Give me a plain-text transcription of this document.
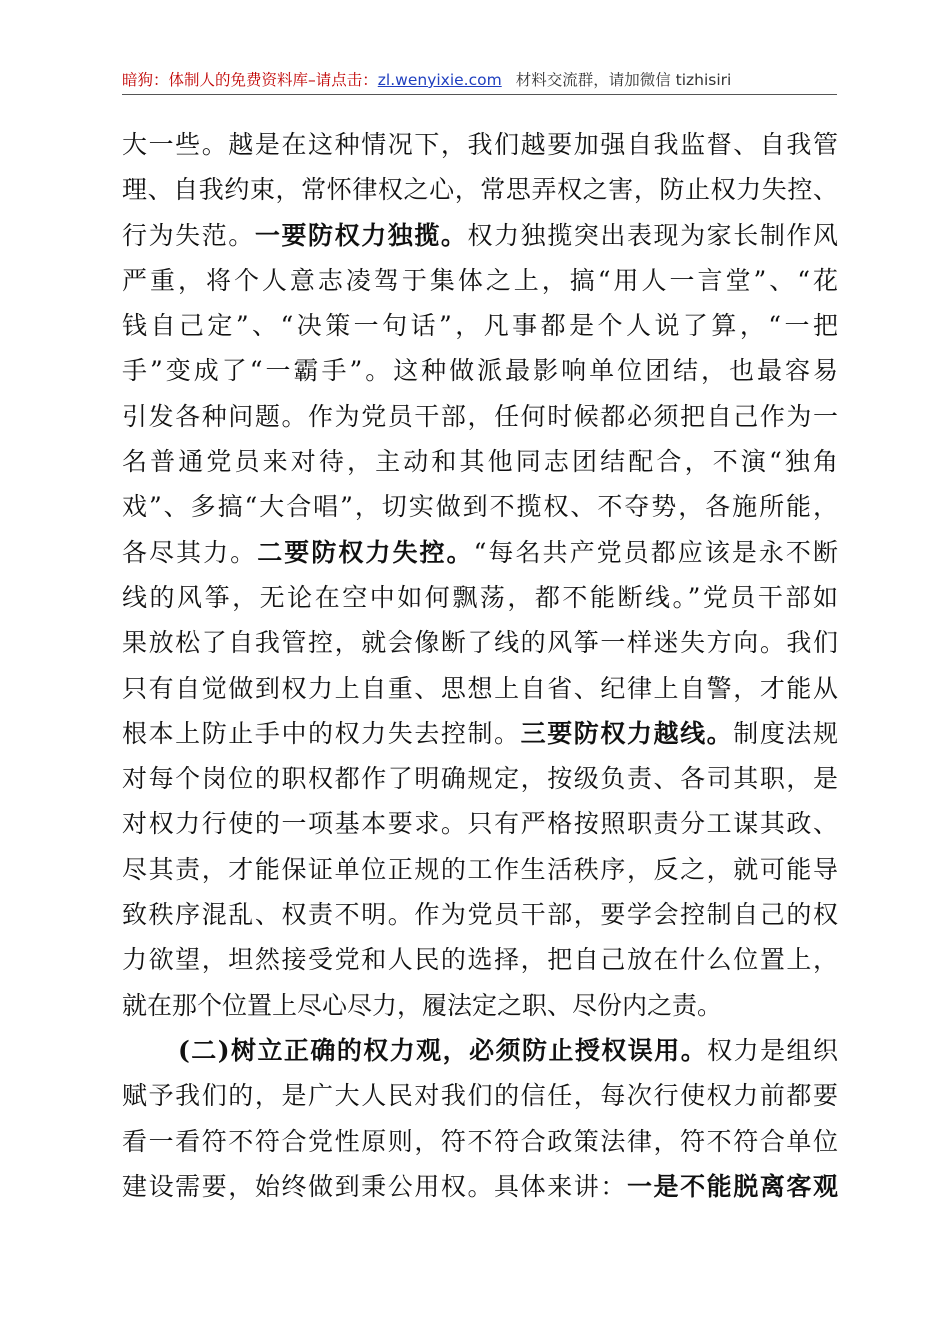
暗狗：体制人的免费资料库–请点击：zl.wenyixie.com 材料交流群，请加微信 tizhisiri
大一些。越是在这种情况下，我们越要加强自我监督、自我管
理、自我约束，常怀律权之心，常思弄权之害，防止权力失控、
行为失范。一要防权力独揽。权力独揽突出表现为家长制作风
严重，将个人意志凌驾于集体之上，搞“用人一言堂”、“花
钱自己定”、“决策一句话”，凡事都是个人说了算，“一把
手”变成了“一霸手”。这种做派最影响单位团结，也最容易
引发各种问题。作为党员干部，任何时候都必须把自己作为一
名普通党员来对待，主动和其他同志团结配合，不演“独角
戏”、多搞“大合唱”，切实做到不揽权、不夺势，各施所能，
各尽其力。二要防权力失控。“每名共产党员都应该是永不断
线的风筝，无论在空中如何飘荡，都不能断线。”党员干部如
果放松了自我管控，就会像断了线的风筝一样迷失方向。我们
只有自觉做到权力上自重、思想上自省、纪律上自警，才能从
根本上防止手中的权力失去控制。三要防权力越线。制度法规
对每个岗位的职权都作了明确规定，按级负责、各司其职，是
对权力行使的一项基本要求。只有严格按照职责分工谋其政、
尽其责，才能保证单位正规的工作生活秩序，反之，就可能导
致秩序混乱、权责不明。作为党员干部，要学会控制自己的权
力欲望，坦然接受党和人民的选择，把自己放在什么位置上，
就在那个位置上尽心尽力，履法定之职、尽份内之责。
(二)树立正确的权力观，必须防止授权误用。权力是组织
赋予我们的，是广大人民对我们的信任，每次行使权力前都要
看一看符不符合党性原则，符不符合政策法律，符不符合单位
建设需要，始终做到秉公用权。具体来讲：一是不能脱离客观
